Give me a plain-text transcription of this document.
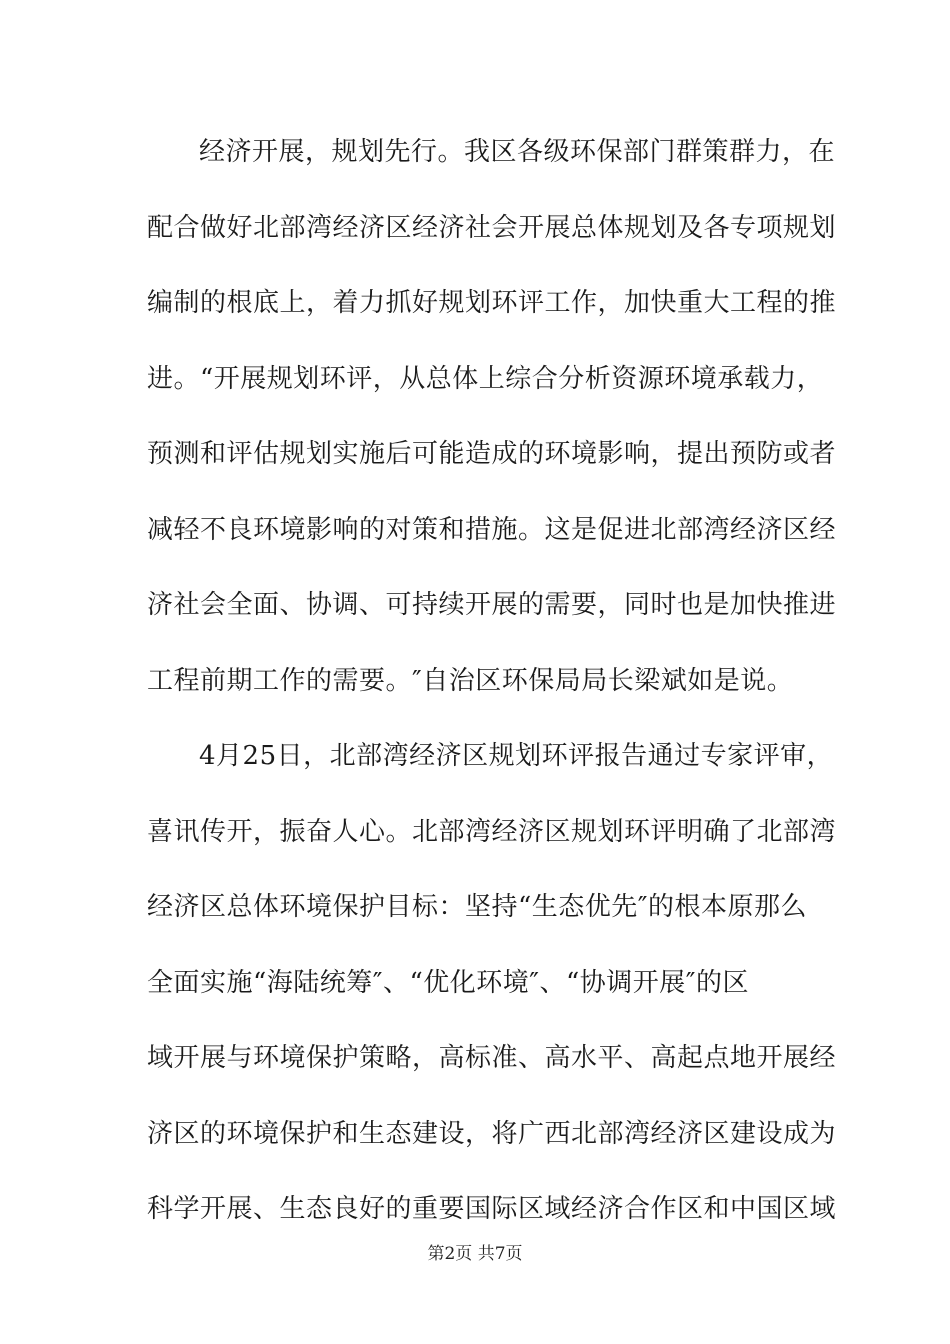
经济开展，规划先行。我区各级环保部门群策群力，在
配合做好北部湾经济区经济社会开展总体规划及各专项规划
编制的根底上，着力抓好规划环评工作，加快重大工程的推
进。“开展规划环评，从总体上综合分析资源环境承载力，
预测和评估规划实施后可能造成的环境影响，提出预防或者
减轻不良环境影响的对策和措施。这是促进北部湾经济区经
济社会全面、协调、可持续开展的需要，同时也是加快推进
工程前期工作的需要。″自治区环保局局长梁斌如是说。
4月25日，北部湾经济区规划环评报告通过专家评审，
喜讯传开，振奋人心。北部湾经济区规划环评明确了北部湾
经济区总体环境保护目标：坚持“生态优先″的根本原那么
全面实施“海陆统筹″、“优化环境″、“协调开展″的区
域开展与环境保护策略，高标准、高水平、高起点地开展经
济区的环境保护和生态建设，将广西北部湾经济区建设成为
科学开展、生态良好的重要国际区域经济合作区和中国区域
第2页 共7页
